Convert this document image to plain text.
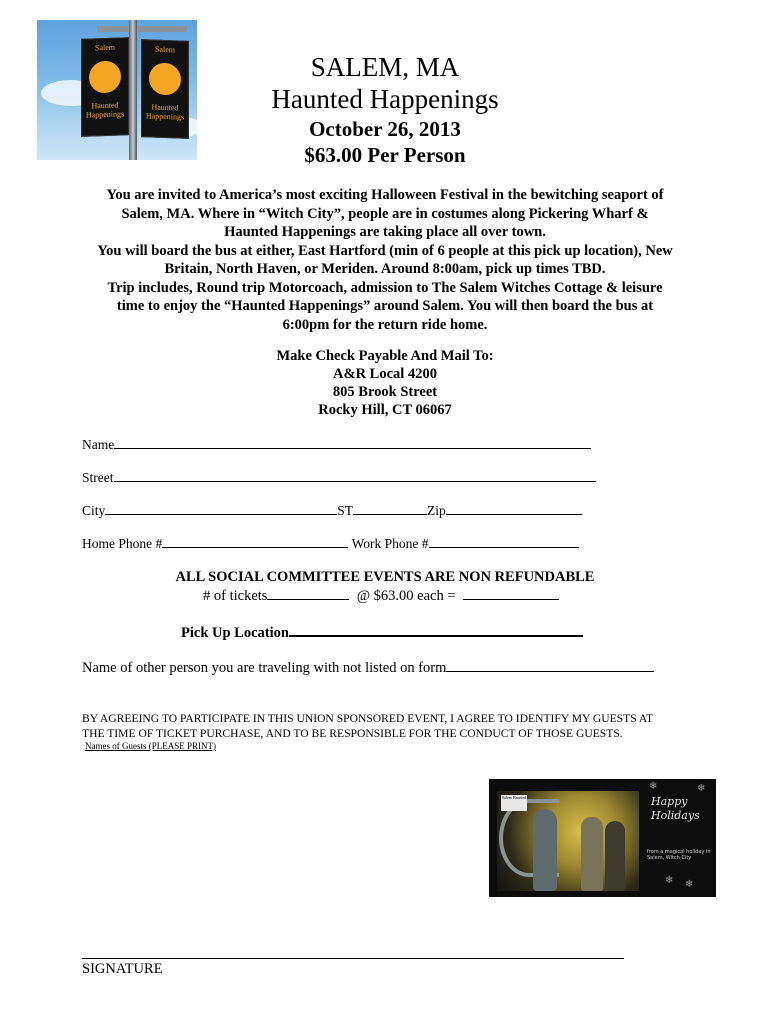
Salem
Haunted Happenings
Salem
Haunted Happenings
SALEM, MA
Haunted Happenings
October 26, 2013
$63.00 Per Person
You are invited to America’s most exciting Halloween Festival in the bewitching seaport of
Salem, MA. Where in “Witch City”, people are in costumes along Pickering Wharf &
Haunted Happenings are taking place all over town.
You will board the bus at either, East Hartford (min of 6 people at this pick up location), New
Britain, North Haven, or Meriden. Around 8:00am, pick up times TBD.
Trip includes, Round trip Motorcoach, admission to The Salem Witches Cottage & leisure
time to enjoy the “Haunted Happenings” around Salem. You will then board the bus at
6:00pm for the return ride home.
Make Check Payable And Mail To:
A&R Local 4200
805 Brook Street
Rocky Hill, CT 06067
Name
Street
City	ST	Zip
Home Phone #	Work Phone #
ALL SOCIAL COMMITTEE EVENTS ARE NON REFUNDABLE
# of tickets	@ $63.00 each =
Pick Up Location
Name of other person you are traveling with not listed on form
BY AGREEING TO PARTICIPATE IN THIS UNION SPONSORED EVENT, I AGREE TO IDENTIFY MY GUESTS AT
THE TIME OF TICKET PURCHASE, AND TO BE RESPONSIBLE FOR THE CONDUCT OF THOSE GUESTS.
Names of Guests (PLEASE PRINT)
Salem Haunted	Happy
Holidays
from a magical holiday in Salem, Witch City
❄	❄
❄
❄
SIGNATURE
